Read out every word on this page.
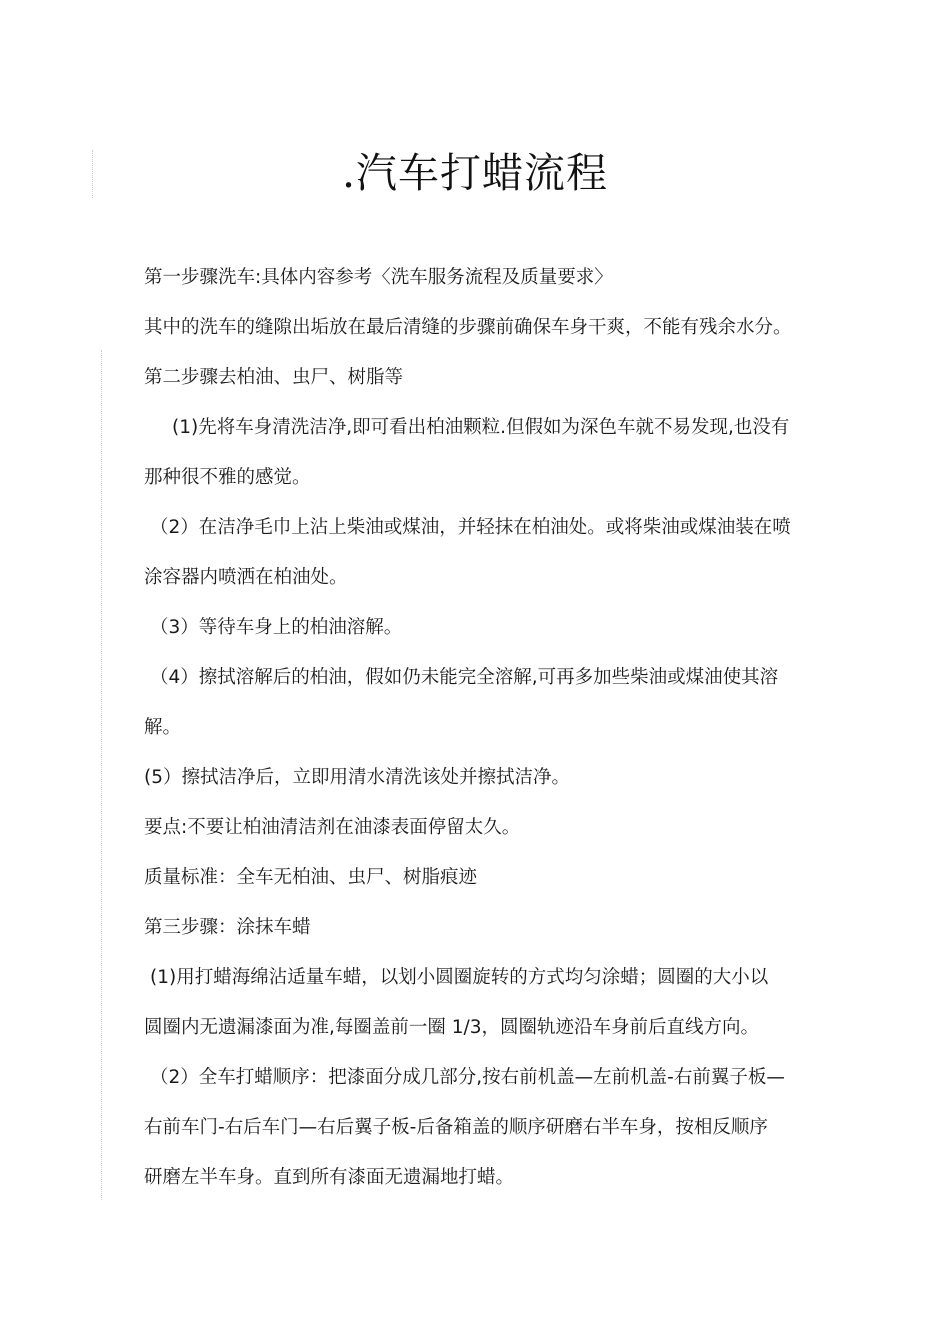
.汽车打蜡流程
第一步骤洗车:具体内容参考〈洗车服务流程及质量要求〉
其中的洗车的缝隙出垢放在最后清缝的步骤前确保车身干爽，不能有残余水分。
第二步骤去柏油、虫尸、树脂等
(1)先将车身清洗洁净,即可看出柏油颗粒.但假如为深色车就不易发现,也没有
那种很不雅的感觉。
（2）在洁净毛巾上沾上柴油或煤油，并轻抹在柏油处。或将柴油或煤油装在喷
涂容器内喷洒在柏油处。
（3）等待车身上的柏油溶解。
（4）擦拭溶解后的柏油，假如仍未能完全溶解,可再多加些柴油或煤油使其溶
解。
(5）擦拭洁净后，立即用清水清洗该处并擦拭洁净。
要点:不要让柏油清洁剂在油漆表面停留太久。
质量标准：全车无柏油、虫尸、树脂痕迹
第三步骤：涂抹车蜡
(1)用打蜡海绵沾适量车蜡，以划小圆圈旋转的方式均匀涂蜡；圆圈的大小以
圆圈内无遗漏漆面为准,每圈盖前一圈 1/3，圆圈轨迹沿车身前后直线方向。
（2）全车打蜡顺序：把漆面分成几部分,按右前机盖—左前机盖-右前翼子板—
右前车门-右后车门—右后翼子板-后备箱盖的顺序研磨右半车身，按相反顺序
研磨左半车身。直到所有漆面无遗漏地打蜡。
